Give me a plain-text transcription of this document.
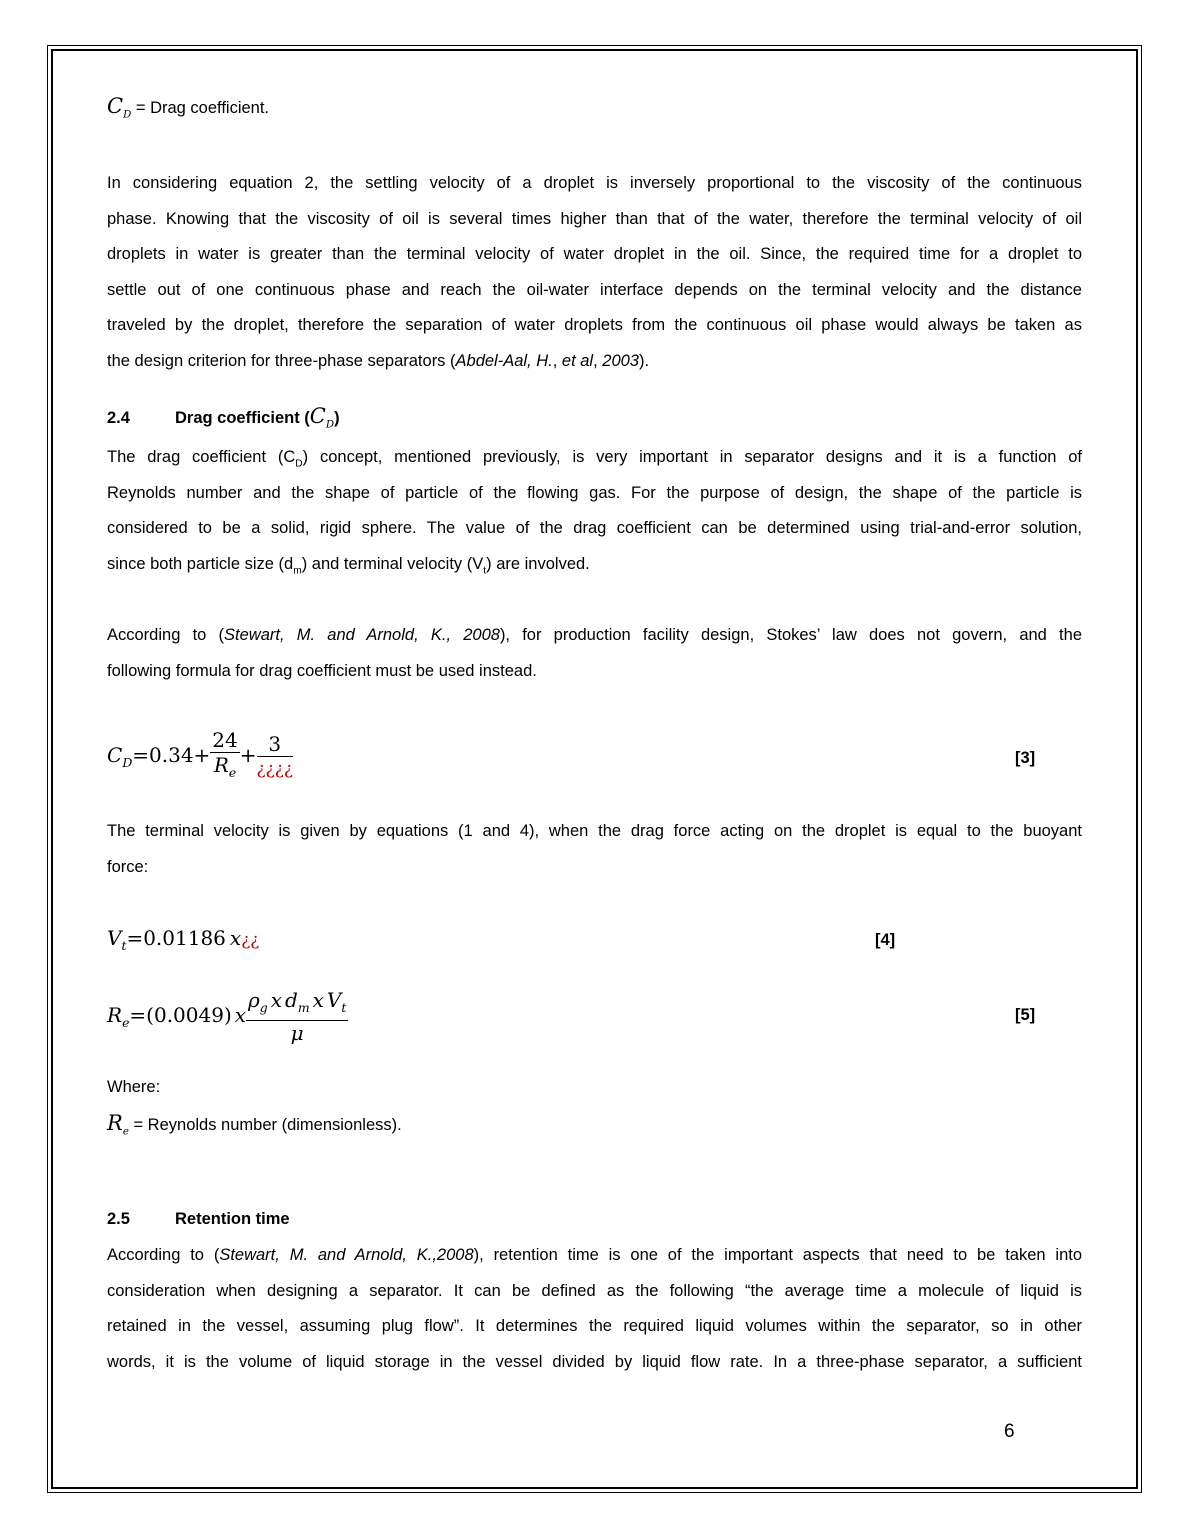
$C_D$ = Drag coefficient.
In considering equation 2, the settling velocity of a droplet is inversely proportional to the viscosity of the continuous
phase. Knowing that the viscosity of oil is several times higher than that of the water, therefore the terminal velocity of oil
droplets in water is greater than the terminal velocity of water droplet in the oil. Since, the required time for a droplet to
settle out of one continuous phase and reach the oil-water interface depends on the terminal velocity and the distance
traveled by the droplet, therefore the separation of water droplets from the continuous oil phase would always be taken as
the design criterion for three-phase separators (Abdel-Aal, H., et al, 2003).
2.4	Drag coefficient $(C_D)$
The drag coefficient $(C_D)$ concept, mentioned previously, is very important in separator designs and it is a function of
Reynolds number and the shape of particle of the flowing gas. For the purpose of design, the shape of the particle is
considered to be a solid, rigid sphere. The value of the drag coefficient can be determined using trial-and-error solution,
since both particle size $(d_m)$ and terminal velocity $(V_t)$ are involved.
According to (Stewart, M. and Arnold, K., 2008), for production facility design, Stokes’ law does not govern, and the
following formula for drag coefficient must be used instead.
$C_D=0.34+ \frac{24}{R_e} + \frac{3}{¿¿¿¿}$	[3]
The terminal velocity is given by equations (1 and 4), when the drag force acting on the droplet is equal to the buoyant
force:
$V_t=0.01186$ x¿¿	[4]
$R_e=(0.0049)$ x $\frac{\rho_g x d_m x V_t}{\mu}$	[5]
Where:
$R_e$ = Reynolds number (dimensionless).
2.5	Retention time
According to (Stewart, M. and Arnold, K.,2008), retention time is one of the important aspects that need to be taken into
consideration when designing a separator. It can be defined as the following “the average time a molecule of liquid is
retained in the vessel, assuming plug flow”. It determines the required liquid volumes within the separator, so in other
words, it is the volume of liquid storage in the vessel divided by liquid flow rate. In a three-phase separator, a sufficient
6
